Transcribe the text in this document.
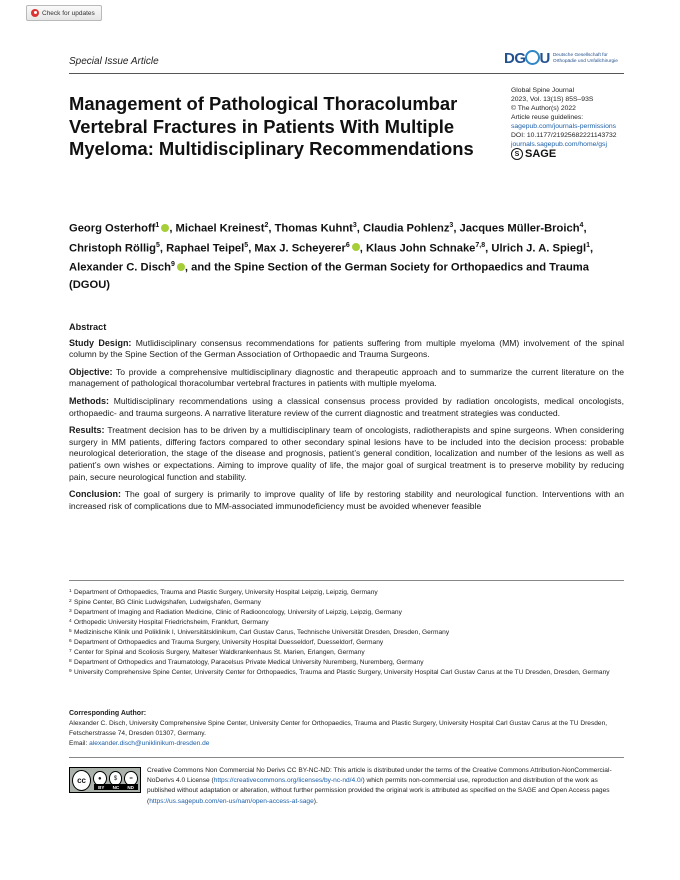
Check for updates
Special Issue Article	DG U Deutsche Gesellschaft für
Orthopädie und Unfallchirurgie
Global Spine Journal
2023, Vol. 13(1S) 85S–93S
© The Author(s) 2022
Article reuse guidelines:
sagepub.com/journals-permissions
DOI: 10.1177/21925682221143732
journals.sagepub.com/home/gsj
S SAGE
Management of Pathological Thoracolumbar Vertebral Fractures in Patients With Multiple Myeloma: Multidisciplinary Recommendations
Georg Osterhoff$^1$ , Michael Kreinest$^2$, Thomas Kuhnt$^3$, Claudia Pohlenz$^3$, Jacques Müller-Broich$^4$, Christoph Röllig$^5$, Raphael Teipel$^5$, Max J. Scheyerer$^6$ , Klaus John Schnake$^{7,8}$, Ulrich J. A. Spiegl$^1$, Alexander C. Disch$^9$ , and the Spine Section of the German Society for Orthopaedics and Trauma (DGOU)
Abstract

Study Design: Mutlidisciplinary consensus recommendations for patients suffering from multiple myeloma (MM) involvement of the spinal column by the Spine Section of the German Association of Orthopaedic and Trauma Surgeons.

Objective: To provide a comprehensive multidisciplinary diagnostic and therapeutic approach and to summarize the current literature on the management of pathological thoracolumbar vertebral fractures in patients with multiple myeloma.

Methods: Multidisciplinary recommendations using a classical consensus process provided by radiation oncologists, medical oncologists, orthopaedic- and trauma surgeons. A narrative literature review of the current diagnostic and treatment strategies was conducted.

Results: Treatment decision has to be driven by a multidisciplinary team of oncologists, radiotherapists and spine surgeons. When considering surgery in MM patients, differing factors compared to other secondary spinal lesions have to be included into the decision process: probable neurological deterioration, the stage of the disease and prognosis, patient’s general condition, localization and number of the lesions as well as patient’s own wishes or expectations. Aiming to improve quality of life, the major goal of surgical treatment is to preserve mobility by reducing pain, secure neurological function and stability.

Conclusion: The goal of surgery is primarily to improve quality of life by restoring stability and neurological function. Interventions with an increased risk of complications due to MM-associated immunodeficiency must be avoided whenever feasible

1 Department of Orthopaedics, Trauma and Plastic Surgery, University Hospital Leipzig, Leipzig, Germany
2 Spine Center, BG Clinic Ludwigshafen, Ludwigshafen, Germany
3 Department of Imaging and Radiation Medicine, Clinic of Radiooncology, University of Leipzig, Leipzig, Germany
4 Orthopedic University Hospital Friedrichsheim, Frankfurt, Germany
5 Medizinische Klinik und Poliklinik I, Universitätsklinikum, Carl Gustav Carus, Technische Universität Dresden, Dresden, Germany
6 Department of Orthopaedics and Trauma Surgery, University Hospital Duesseldorf, Duesseldorf, Germany
7 Center for Spinal and Scoliosis Surgery, Malteser Waldkrankenhaus St. Marien, Erlangen, Germany
8 Department of Orthopedics and Traumatology, Paracelsus Private Medical University Nuremberg, Nuremberg, Germany
9 University Comprehensive Spine Center, University Center for Orthopaedics, Trauma and Plastic Surgery, University Hospital Carl Gustav Carus at the TU Dresden, Dresden, Germany
Corresponding Author:
Alexander C. Disch, University Comprehensive Spine Center, University Center for Orthopaedics, Trauma and Plastic Surgery, University Hospital Carl Gustav Carus at the TU Dresden, Fetscherstrasse 74, Dresden 01307, Germany.
Email: alexander.disch@uniklinikum-dresden.de
cc	●	$	=
BY NC ND
Creative Commons Non Commercial No Derivs CC BY-NC-ND: This article is distributed under the terms of the Creative Commons Attribution-NonCommercial-NoDerivs 4.0 License (https://creativecommons.org/licenses/by-nc-nd/4.0/) which permits non-commercial use, reproduction and distribution of the work as published without adaptation or alteration, without further permission provided the original work is attributed as specified on the SAGE and Open Access pages (https://us.sagepub.com/en-us/nam/open-access-at-sage).
